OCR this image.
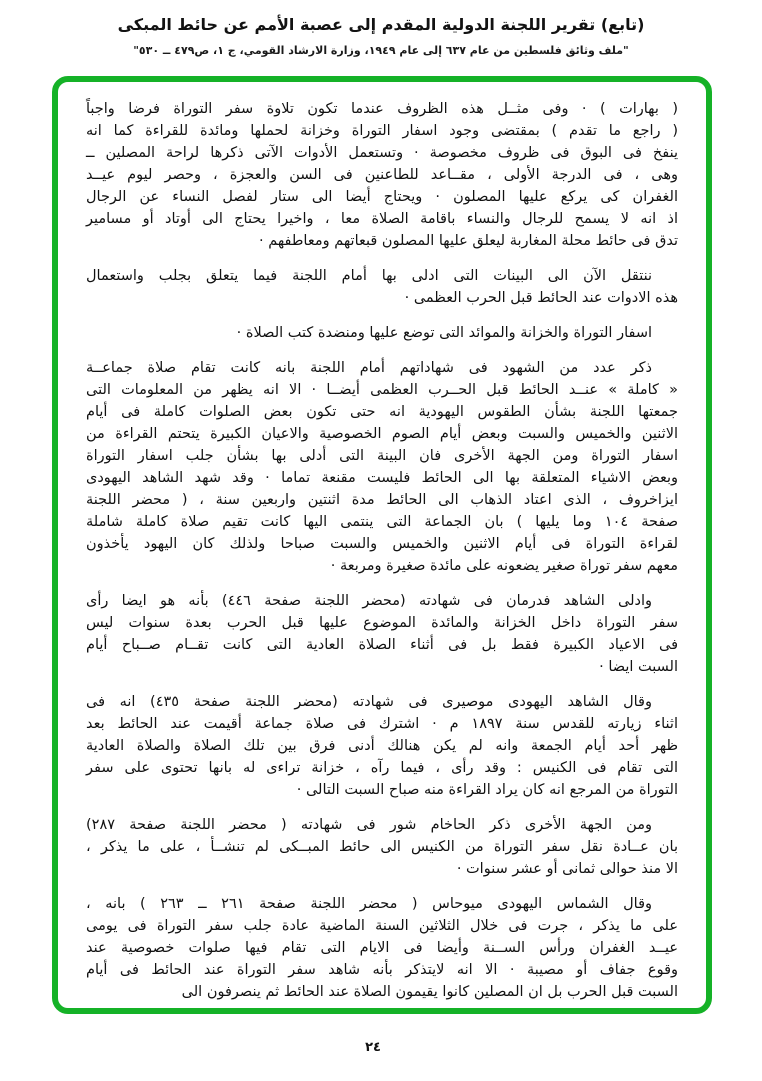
(تابع) تقرير اللجنة الدولية المقدم إلى عصبة الأمم عن حائط المبكى
"ملف وثائق فلسطين من عام ٦٣٧ إلى عام ١٩٤٩، وزارة الارشاد القومي، ج ١، ص٤٧٩ ــ ٥٣٠"
( بهارات ) · وفى مثــل هذه الظروف عندما تكون تلاوة سفر التوراة فرضا واجباً
( راجع ما تقدم ) بمقتضى وجود اسفار التوراة وخزانة لحملها ومائدة للقراءة كما انه
ينفخ فى البوق فى ظروف مخصوصة · وتستعمل الأدوات الآتى ذكرها لراحة المصلين ــ
وهى ، فى الدرجة الأولى ، مقــاعد للطاعنين فى السن والعجزة ، وحصر ليوم عيــد
الغفران كى يركع عليها المصلون · ويحتاج أيضا الى ستار لفصل النساء عن الرجال
اذ انه لا يسمح للرجال والنساء باقامة الصلاة معا ، واخيرا يحتاج الى أوتاد أو مسامير
تدق فى حائط محلة المغاربة ليعلق عليها المصلون قبعاتهم ومعاطفهم ·
ننتقل الآن الى البينات التى ادلى بها أمام اللجنة فيما يتعلق بجلب واستعمال
هذه الادوات عند الحائط قبل الحرب العظمى ·
اسفار التوراة والخزانة والموائد التى توضع عليها ومنضدة كتب الصلاة ·
ذكر عدد من الشهود فى شهاداتهم أمام اللجنة بانه كانت تقام صلاة جماعــة
« كاملة » عنــد الحائط قبل الحــرب العظمى أيضــا · الا انه يظهر من المعلومات التى
جمعتها اللجنة بشأن الطقوس اليهودية انه حتى تكون بعض الصلوات كاملة فى أيام
الاثنين والخميس والسبت وبعض أيام الصوم الخصوصية والاعيان الكبيرة يتحتم القراءة من
اسفار التوراة ومن الجهة الأخرى فان البينة التى أدلى بها بشأن جلب اسفار التوراة
وبعض الاشياء المتعلقة بها الى الحائط فليست مقنعة تماما · وقد شهد الشاهد اليهودى
ايزاخروف ، الذى اعتاد الذهاب الى الحائط مدة اثنتين واربعين سنة ، ( محضر اللجنة
صفحة ١٠٤ وما يليها ) بان الجماعة التى ينتمى اليها كانت تقيم صلاة كاملة شاملة
لقراءة التوراة فى أيام الاثنين والخميس والسبت صباحا ولذلك كان اليهود يأخذون
معهم سفر توراة صغير يضعونه على مائدة صغيرة ومربعة ·
وادلى الشاهد فدرمان فى شهادته (محضر اللجنة صفحة ٤٤٦) بأنه هو ايضا رأى
سفر التوراة داخل الخزانة والمائدة الموضوع عليها قبل الحرب بعدة سنوات ليس
فى الاعياد الكبيرة فقط بل فى أثناء الصلاة العادية التى كانت تقــام صــباح أيام
السبت ايضا ·
وقال الشاهد اليهودى موصيرى فى شهادته (محضر اللجنة صفحة ٤٣٥) انه فى
اثناء زيارته للقدس سنة ١٨٩٧ م · اشترك فى صلاة جماعة أقيمت عند الحائط بعد
ظهر أحد أيام الجمعة وانه لم يكن هنالك أدنى فرق بين تلك الصلاة والصلاة العادية
التى تقام فى الكنيس : وقد رأى ، فيما رآه ، خزانة تراءى له بانها تحتوى على سفر
التوراة من المرجع انه كان يراد القراءة منه صباح السبت التالى ·
ومن الجهة الأخرى ذكر الحاخام شور فى شهادته ( محضر اللجنة صفحة ٢٨٧)
بان عــادة نقل سفر التوراة من الكنيس الى حائط المبــكى لم تنشــأ ، على ما يذكر ،
الا منذ حوالى ثمانى أو عشر سنوات ·
وقال الشماس اليهودى ميوحاس ( محضر اللجنة صفحة ٢٦١ ــ ٢٦٣ ) بانه ،
على ما يذكر ، جرت فى خلال الثلاثين السنة الماضية عادة جلب سفر التوراة فى يومى
عيــد الغفران ورأس الســنة وأيضا فى الايام التى تقام فيها صلوات خصوصية عند
وقوع جفاف أو مصيبة · الا انه لايتذكر بأنه شاهد سفر التوراة عند الحائط فى أيام
السبت قبل الحرب بل ان المصلين كانوا يقيمون الصلاة عند الحائط ثم ينصرفون الى
٢٤
